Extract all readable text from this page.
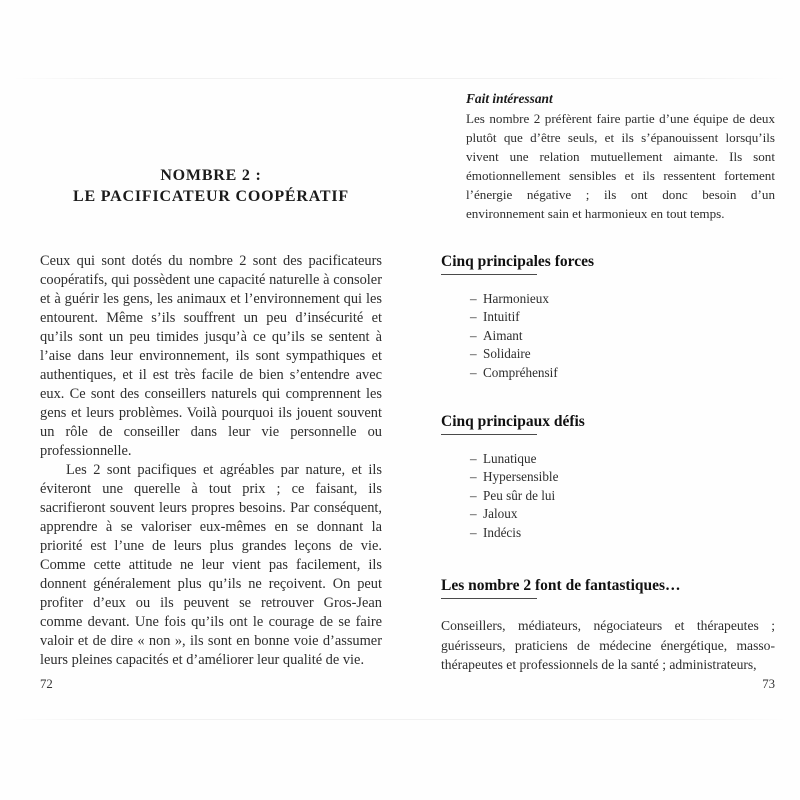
NOMBRE 2 :
LE PACIFICATEUR COOPÉRATIF

Ceux qui sont dotés du nombre 2 sont des pacificateurs coopératifs, qui possèdent une capacité naturelle à consoler et à guérir les gens, les animaux et l’environnement qui les entourent. Même s’ils souffrent un peu d’insécurité et qu’ils sont un peu timides jusqu’à ce qu’ils se sentent à l’aise dans leur environnement, ils sont sympathiques et authentiques, et il est très facile de bien s’entendre avec eux. Ce sont des conseillers naturels qui comprennent les gens et leurs problèmes. Voilà pourquoi ils jouent souvent un rôle de conseiller dans leur vie personnelle ou professionnelle.

Les 2 sont pacifiques et agréables par nature, et ils éviteront une querelle à tout prix ; ce faisant, ils sacrifieront souvent leurs propres besoins. Par conséquent, apprendre à se valoriser eux-mêmes en se donnant la priorité est l’une de leurs plus grandes leçons de vie. Comme cette attitude ne leur vient pas facilement, ils donnent généralement plus qu’ils ne reçoivent. On peut profiter d’eux ou ils peuvent se retrouver Gros-Jean comme devant. Une fois qu’ils ont le courage de se faire valoir et de dire « non », ils sont en bonne voie d’assumer leurs pleines capacités et d’améliorer leur qualité de vie.

72

Fait intéressant

Les nombre 2 préfèrent faire partie d’une équipe de deux plutôt que d’être seuls, et ils s’épanouissent lorsqu’ils vivent une relation mutuellement aimante. Ils sont émotionnellement sensibles et ils ressentent fortement l’énergie négative ; ils ont donc besoin d’un environnement sain et harmonieux en tout temps.

Cinq principales forces
– Harmonieux
– Intuitif
– Aimant
– Solidaire
– Compréhensif
Cinq principaux défis
– Lunatique
– Hypersensible
– Peu sûr de lui
– Jaloux
– Indécis
Les nombre 2 font de fantastiques…

Conseillers, médiateurs, négociateurs et thérapeutes ; guérisseurs, praticiens de médecine énergétique, masso-thérapeutes et professionnels de la santé ; administrateurs,

73
